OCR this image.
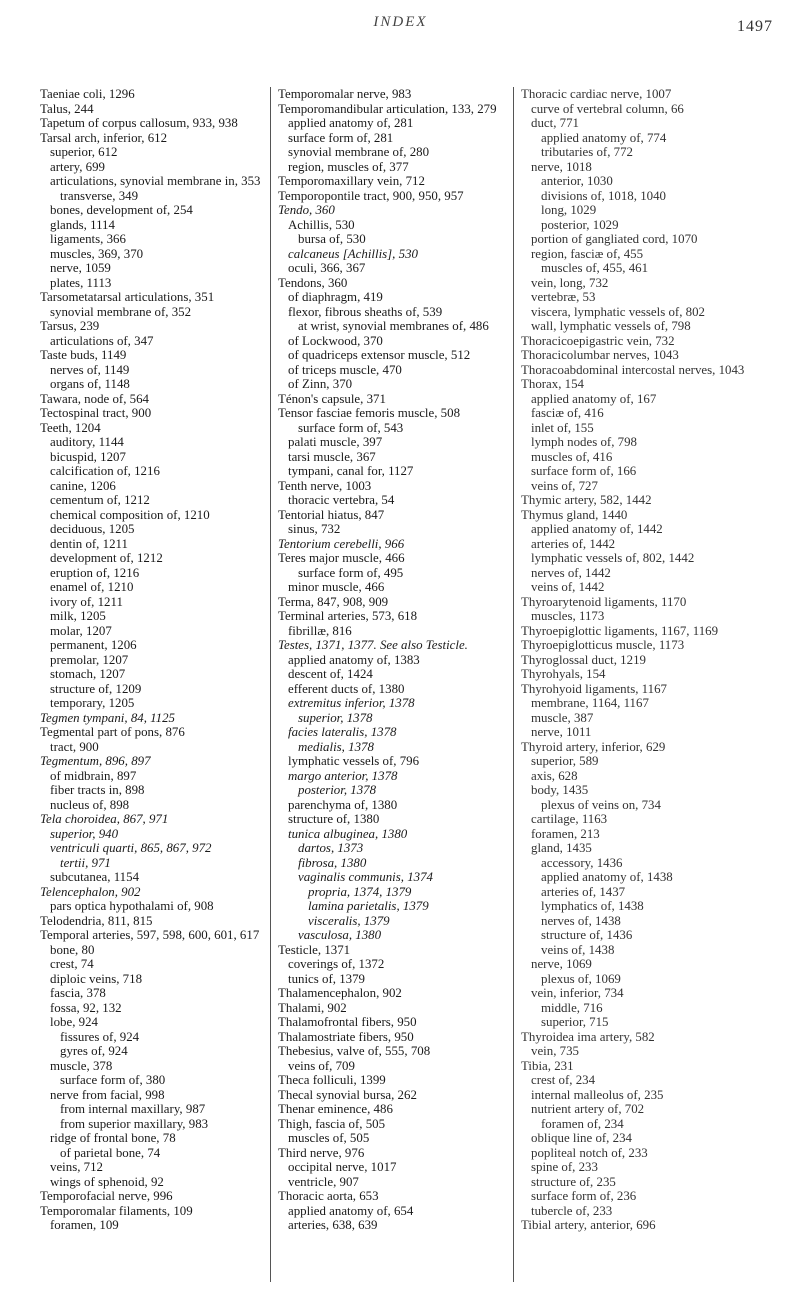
INDEX	1497

Taeniae coli, 1296

Talus, 244

Tapetum of corpus callosum, 933, 938

Tarsal arch, inferior, 612

superior, 612

artery, 699

articulations, synovial membrane in, 353

transverse, 349

bones, development of, 254

glands, 1114

ligaments, 366

muscles, 369, 370

nerve, 1059

plates, 1113

Tarsometatarsal articulations, 351

synovial membrane of, 352

Tarsus, 239

articulations of, 347

Taste buds, 1149

nerves of, 1149

organs of, 1148

Tawara, node of, 564

Tectospinal tract, 900

Teeth, 1204

auditory, 1144

bicuspid, 1207

calcification of, 1216

canine, 1206

cementum of, 1212

chemical composition of, 1210

deciduous, 1205

dentin of, 1211

development of, 1212

eruption of, 1216

enamel of, 1210

ivory of, 1211

milk, 1205

molar, 1207

permanent, 1206

premolar, 1207

stomach, 1207

structure of, 1209

temporary, 1205

Tegmen tympani, 84, 1125

Tegmental part of pons, 876

tract, 900

Tegmentum, 896, 897

of midbrain, 897

fiber tracts in, 898

nucleus of, 898

Tela choroidea, 867, 971

superior, 940

ventriculi quarti, 865, 867, 972

tertii, 971

subcutanea, 1154

Telencephalon, 902

pars optica hypothalami of, 908

Telodendria, 811, 815

Temporal arteries, 597, 598, 600, 601, 617

bone, 80

crest, 74

diploic veins, 718

fascia, 378

fossa, 92, 132

lobe, 924

fissures of, 924

gyres of, 924

muscle, 378

surface form of, 380

nerve from facial, 998

from internal maxillary, 987

from superior maxillary, 983

ridge of frontal bone, 78

of parietal bone, 74

veins, 712

wings of sphenoid, 92

Temporofacial nerve, 996

Temporomalar filaments, 109

foramen, 109

Temporomalar nerve, 983

Temporomandibular articulation, 133, 279

applied anatomy of, 281

surface form of, 281

synovial membrane of, 280

region, muscles of, 377

Temporomaxillary vein, 712

Temporopontile tract, 900, 950, 957

Tendo, 360

Achillis, 530

bursa of, 530

calcaneus [Achillis], 530

oculi, 366, 367

Tendons, 360

of diaphragm, 419

flexor, fibrous sheaths of, 539

at wrist, synovial membranes of, 486

of Lockwood, 370

of quadriceps extensor muscle, 512

of triceps muscle, 470

of Zinn, 370

Ténon's capsule, 371

Tensor fasciae femoris muscle, 508

surface form of, 543

palati muscle, 397

tarsi muscle, 367

tympani, canal for, 1127

Tenth nerve, 1003

thoracic vertebra, 54

Tentorial hiatus, 847

sinus, 732

Tentorium cerebelli, 966

Teres major muscle, 466

surface form of, 495

minor muscle, 466

Terma, 847, 908, 909

Terminal arteries, 573, 618

fibrillæ, 816

Testes, 1371, 1377. See also Testicle.

applied anatomy of, 1383

descent of, 1424

efferent ducts of, 1380

extremitus inferior, 1378

superior, 1378

facies lateralis, 1378

medialis, 1378

lymphatic vessels of, 796

margo anterior, 1378

posterior, 1378

parenchyma of, 1380

structure of, 1380

tunica albuginea, 1380

dartos, 1373

fibrosa, 1380

vaginalis communis, 1374

propria, 1374, 1379

lamina parietalis, 1379

visceralis, 1379

vasculosa, 1380

Testicle, 1371

coverings of, 1372

tunics of, 1379

Thalamencephalon, 902

Thalami, 902

Thalamofrontal fibers, 950

Thalamostriate fibers, 950

Thebesius, valve of, 555, 708

veins of, 709

Theca folliculi, 1399

Thecal synovial bursa, 262

Thenar eminence, 486

Thigh, fascia of, 505

muscles of, 505

Third nerve, 976

occipital nerve, 1017

ventricle, 907

Thoracic aorta, 653

applied anatomy of, 654

arteries, 638, 639

Thoracic cardiac nerve, 1007

curve of vertebral column, 66

duct, 771

applied anatomy of, 774

tributaries of, 772

nerve, 1018

anterior, 1030

divisions of, 1018, 1040

long, 1029

posterior, 1029

portion of gangliated cord, 1070

region, fasciæ of, 455

muscles of, 455, 461

vein, long, 732

vertebræ, 53

viscera, lymphatic vessels of, 802

wall, lymphatic vessels of, 798

Thoracicoepigastric vein, 732

Thoracicolumbar nerves, 1043

Thoracoabdominal intercostal nerves, 1043

Thorax, 154

applied anatomy of, 167

fasciæ of, 416

inlet of, 155

lymph nodes of, 798

muscles of, 416

surface form of, 166

veins of, 727

Thymic artery, 582, 1442

Thymus gland, 1440

applied anatomy of, 1442

arteries of, 1442

lymphatic vessels of, 802, 1442

nerves of, 1442

veins of, 1442

Thyroarytenoid ligaments, 1170

muscles, 1173

Thyroepiglottic ligaments, 1167, 1169

Thyroepiglotticus muscle, 1173

Thyroglossal duct, 1219

Thyrohyals, 154

Thyrohyoid ligaments, 1167

membrane, 1164, 1167

muscle, 387

nerve, 1011

Thyroid artery, inferior, 629

superior, 589

axis, 628

body, 1435

plexus of veins on, 734

cartilage, 1163

foramen, 213

gland, 1435

accessory, 1436

applied anatomy of, 1438

arteries of, 1437

lymphatics of, 1438

nerves of, 1438

structure of, 1436

veins of, 1438

nerve, 1069

plexus of, 1069

vein, inferior, 734

middle, 716

superior, 715

Thyroidea ima artery, 582

vein, 735

Tibia, 231

crest of, 234

internal malleolus of, 235

nutrient artery of, 702

foramen of, 234

oblique line of, 234

popliteal notch of, 233

spine of, 233

structure of, 235

surface form of, 236

tubercle of, 233

Tibial artery, anterior, 696
